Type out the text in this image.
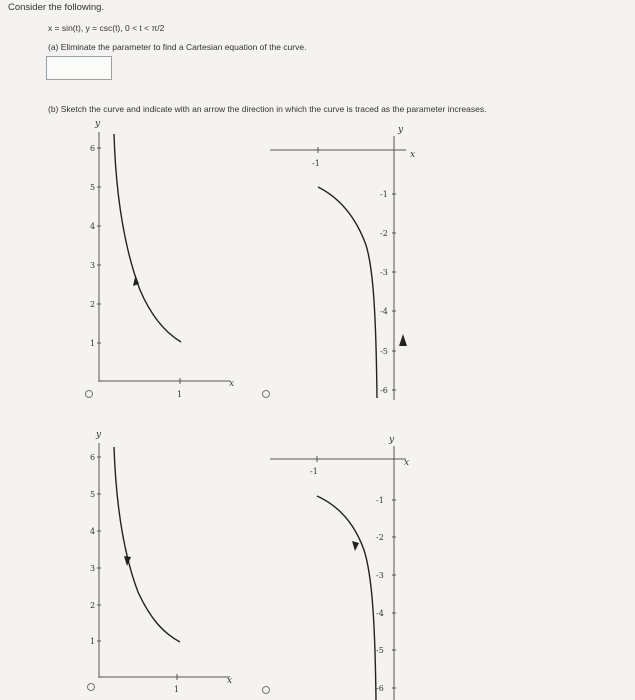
Consider the following.
x = sin(t), y = csc(t), 0 < t < π/2
(a) Eliminate the parameter to find a Cartesian equation of the curve.
(b) Sketch the curve and indicate with an arrow the direction in which the curve is traced as the parameter increases.
y
x
1
6
5
4
3
2
1
y
x
-1
-1
-2
-3
-4
-5
-6
y
x
1
6
5
4
3
2
1
y
x
-1
-1
-2
-3
-4
-5
-6
